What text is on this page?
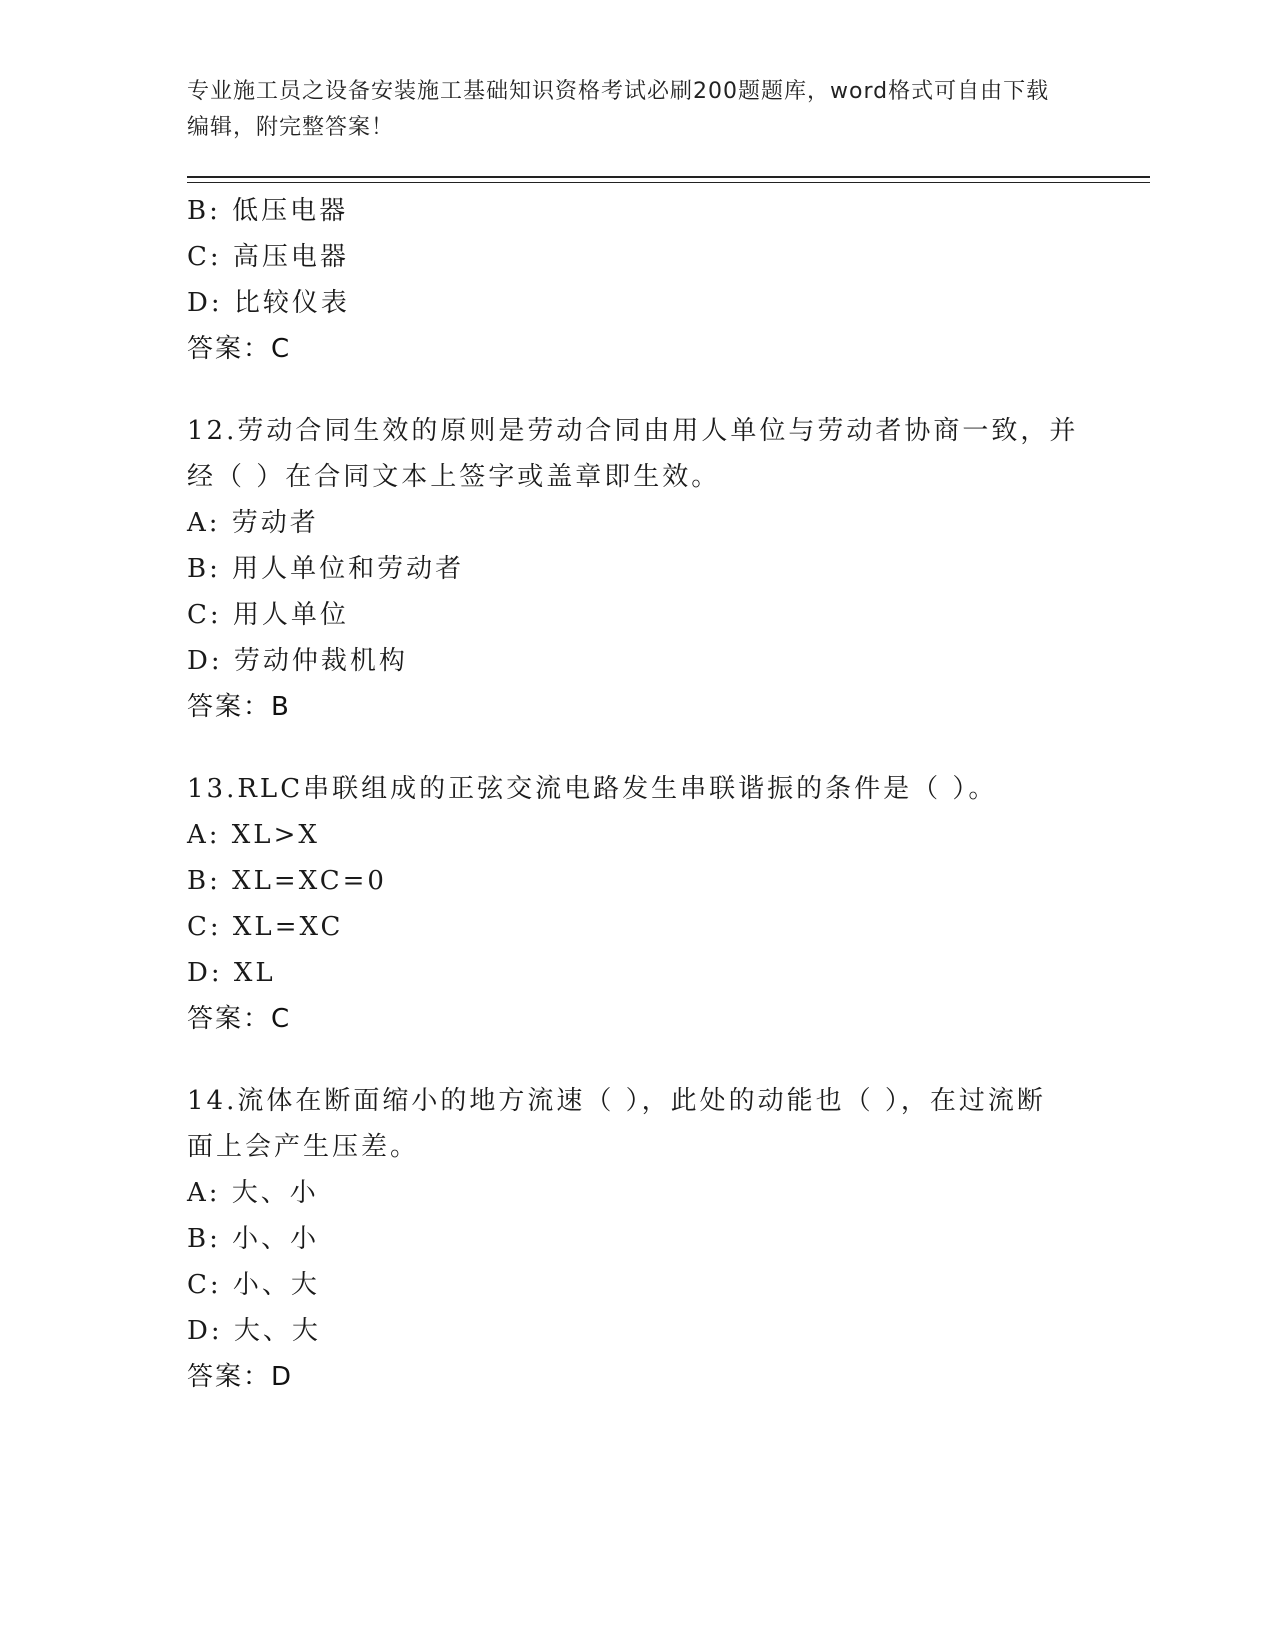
专业施工员之设备安装施工基础知识资格考试必刷200题题库，word格式可自由下载编辑，附完整答案！
B: 低压电器
C: 高压电器
D: 比较仪表
答案：C
12.劳动合同生效的原则是劳动合同由用人单位与劳动者协商一致，并
经（ ）在合同文本上签字或盖章即生效。
A: 劳动者
B: 用人单位和劳动者
C: 用人单位
D: 劳动仲裁机构
答案：B
13.RLC串联组成的正弦交流电路发生串联谐振的条件是（ ）。
A: XL>X
B: XL=XC=0
C: XL=XC
D: XL
答案：C
14.流体在断面缩小的地方流速（ ），此处的动能也（ ），在过流断
面上会产生压差。
A: 大、小
B: 小、小
C: 小、大
D: 大、大
答案：D
